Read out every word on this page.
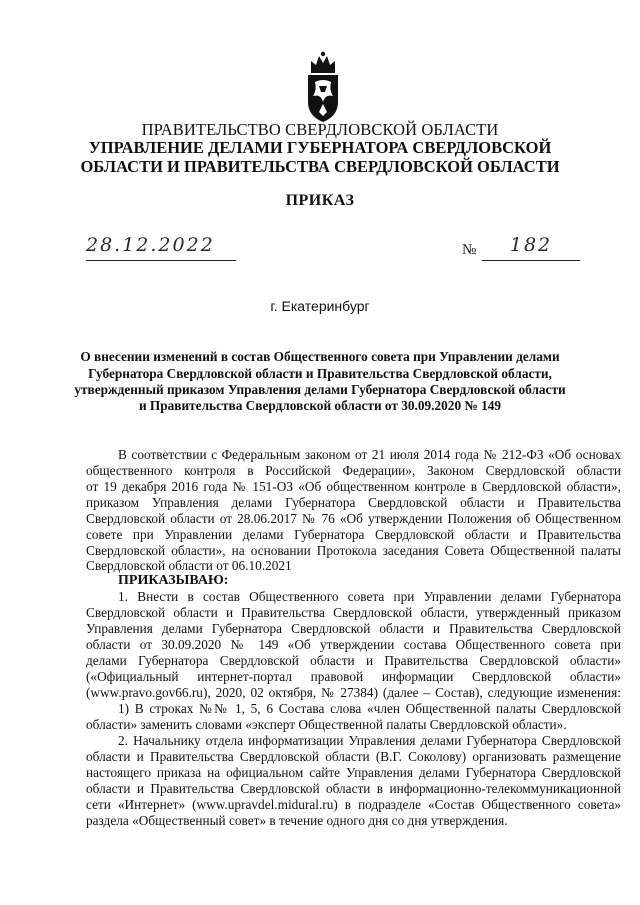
ПРАВИТЕЛЬСТВО СВЕРДЛОВСКОЙ ОБЛАСТИ
УПРАВЛЕНИЕ ДЕЛАМИ ГУБЕРНАТОРА СВЕРДЛОВСКОЙ
ОБЛАСТИ И ПРАВИТЕЛЬСТВА СВЕРДЛОВСКОЙ ОБЛАСТИ
ПРИКАЗ
28.12.2022	№	182
г. Екатеринбург
О внесении изменений в состав Общественного совета при Управлении делами
Губернатора Свердловской области и Правительства Свердловской области,
утвержденный приказом Управления делами Губернатора Свердловской области
и Правительства Свердловской области от 30.09.2020 № 149
В соответствии с Федеральным законом от 21 июля 2014 года № 212-ФЗ «Об основах
общественного контроля в Российской Федерации», Законом Свердловской области
от 19 декабря 2016 года № 151-ОЗ «Об общественном контроле в Свердловской области»,
приказом Управления делами Губернатора Свердловской области и Правительства
Свердловской области от 28.06.2017 № 76 «Об утверждении Положения об Общественном
совете при Управлении делами Губернатора Свердловской области и Правительства
Свердловской области», на основании Протокола заседания Совета Общественной палаты
Свердловской области от 06.10.2021
ПРИКАЗЫВАЮ:
1. Внести в состав Общественного совета при Управлении делами Губернатора
Свердловской области и Правительства Свердловской области, утвержденный приказом
Управления делами Губернатора Свердловской области и Правительства Свердловской
области от 30.09.2020 № 149 «Об утверждении состава Общественного совета при
делами Губернатора Свердловской области и Правительства Свердловской области»
(«Официальный интернет-портал правовой информации Свердловской области»
(www.pravo.gov66.ru), 2020, 02 октября, № 27384) (далее – Состав), следующие изменения:
1) В строках №№ 1, 5, 6 Состава слова «член Общественной палаты Свердловской
области» заменить словами «эксперт Общественной палаты Свердловской области».
2. Начальнику отдела информатизации Управления делами Губернатора Свердловской
области и Правительства Свердловской области (В.Г. Соколову) организовать размещение
настоящего приказа на официальном сайте Управления делами Губернатора Свердловской
области и Правительства Свердловской области в информационно-телекоммуникационной
сети «Интернет» (www.upravdel.midural.ru) в подразделе «Состав Общественного совета»
раздела «Общественный совет» в течение одного дня со дня утверждения.
